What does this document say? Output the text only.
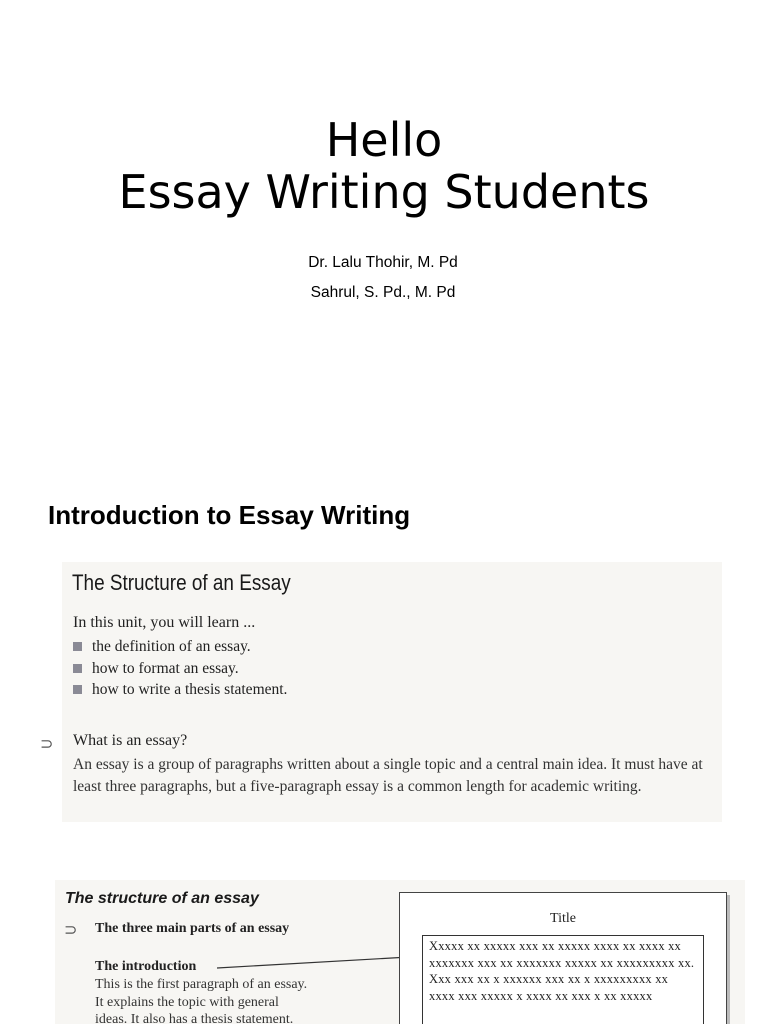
Hello
Essay Writing Students
Dr. Lalu Thohir, M. Pd
Sahrul, S. Pd., M. Pd
Introduction to Essay Writing
The Structure of an Essay
In this unit, you will learn ...
the definition of an essay.
how to format an essay.
how to write a thesis statement.
⊃ What is an essay?
An essay is a group of paragraphs written about a single topic and a central main idea. It must have at least three paragraphs, but a five-paragraph essay is a common length for academic writing.
The structure of an essay
⊃ The three main parts of an essay
The introduction
This is the first paragraph of an essay.
It explains the topic with general
ideas. It also has a thesis statement.
Title
Xxxxx xx xxxxx xxx xx xxxxx xxxx xx xxxx xx xxxxxxx xxx xx xxxxxxx xxxxx xx xxxxxxxxx xx. Xxx xxx xx x xxxxxx xxx xx x xxxxxxxxx xx xxxx xxx xxxxx x xxxx xx xxx x xx xxxxx
